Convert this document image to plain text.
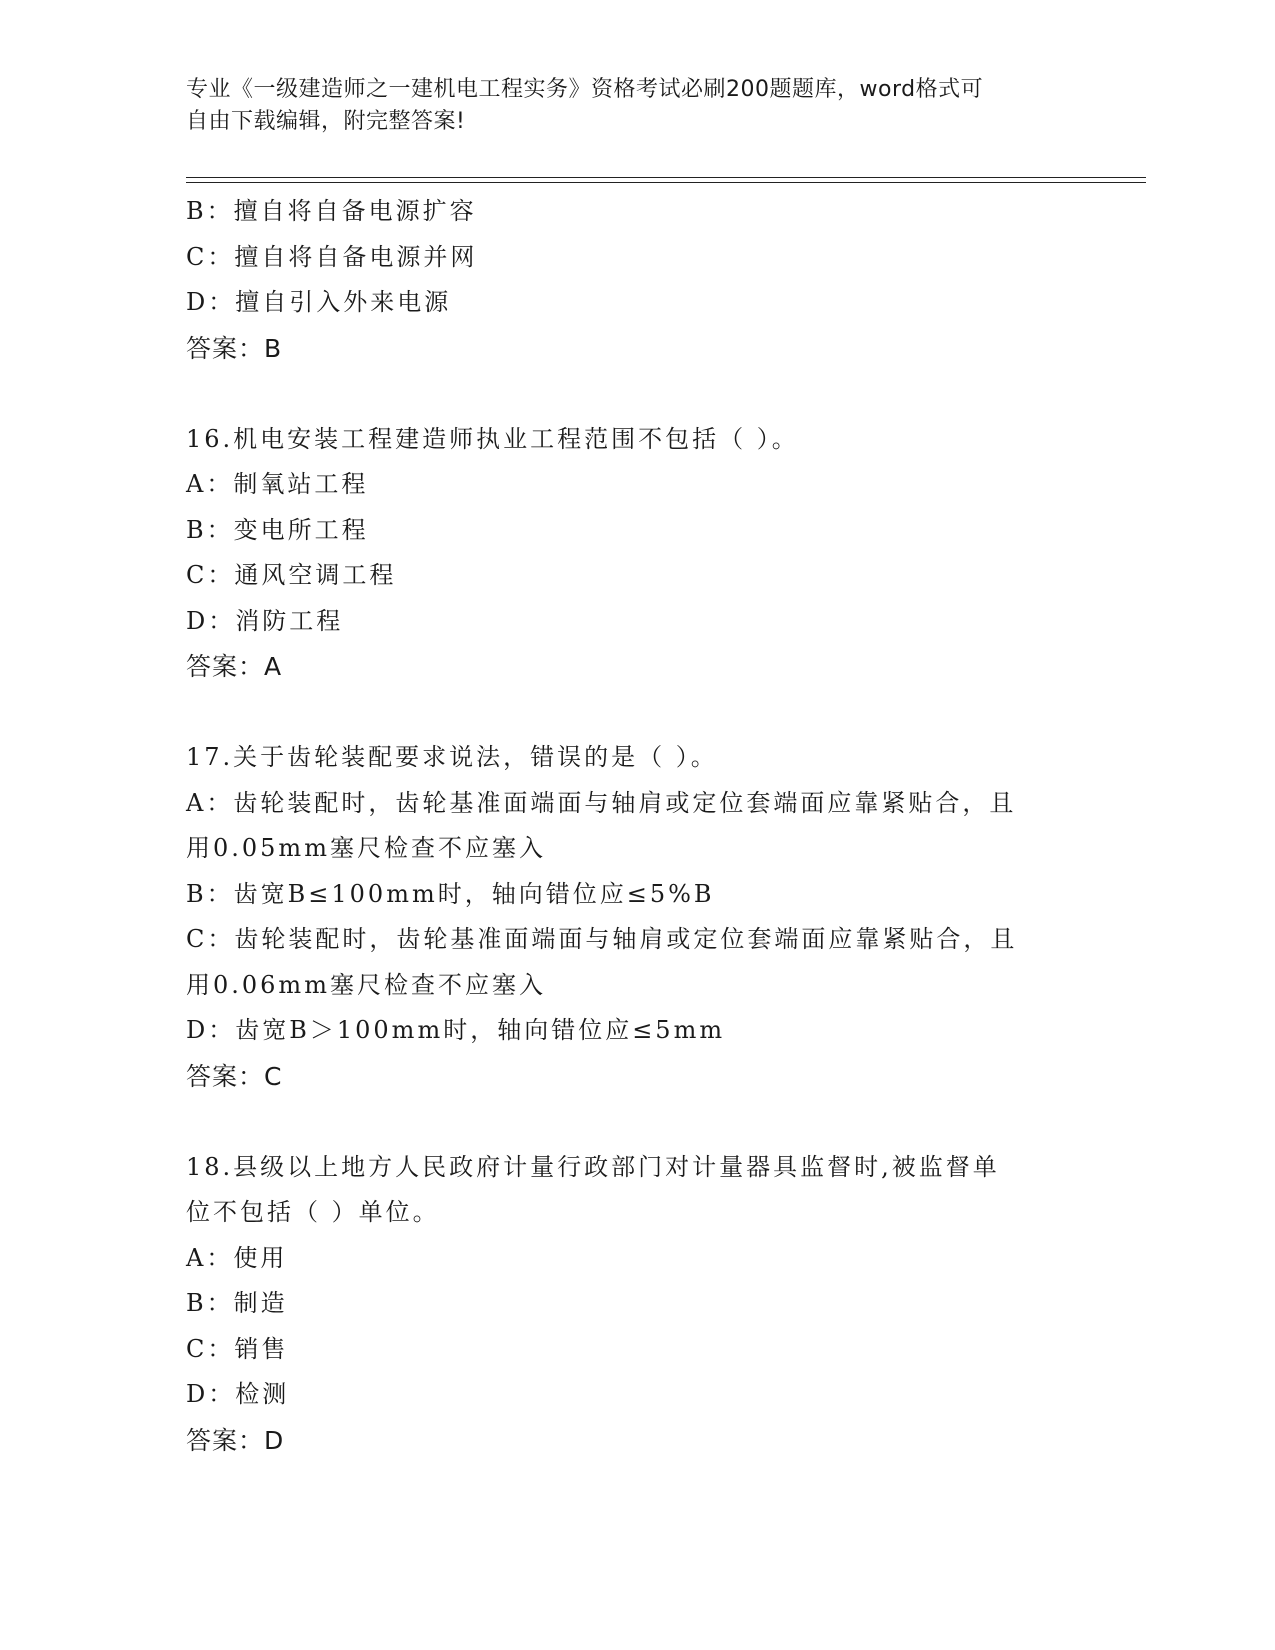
专业《一级建造师之一建机电工程实务》资格考试必刷200题题库，word格式可
自由下载编辑，附完整答案!
B：擅自将自备电源扩容
C：擅自将自备电源并网
D：擅自引入外来电源
答案：B
16.机电安装工程建造师执业工程范围不包括（ ）。
A：制氧站工程
B：变电所工程
C：通风空调工程
D：消防工程
答案：A
17.关于齿轮装配要求说法，错误的是（ ）。
A：齿轮装配时，齿轮基准面端面与轴肩或定位套端面应靠紧贴合，且
用0.05mm塞尺检查不应塞入
B：齿宽B≤100mm时，轴向错位应≤5%B
C：齿轮装配时，齿轮基准面端面与轴肩或定位套端面应靠紧贴合，且
用0.06mm塞尺检查不应塞入
D：齿宽B＞100mm时，轴向错位应≤5mm
答案：C
18.县级以上地方人民政府计量行政部门对计量器具监督时,被监督单
位不包括（ ）单位。
A：使用
B：制造
C：销售
D：检测
答案：D
